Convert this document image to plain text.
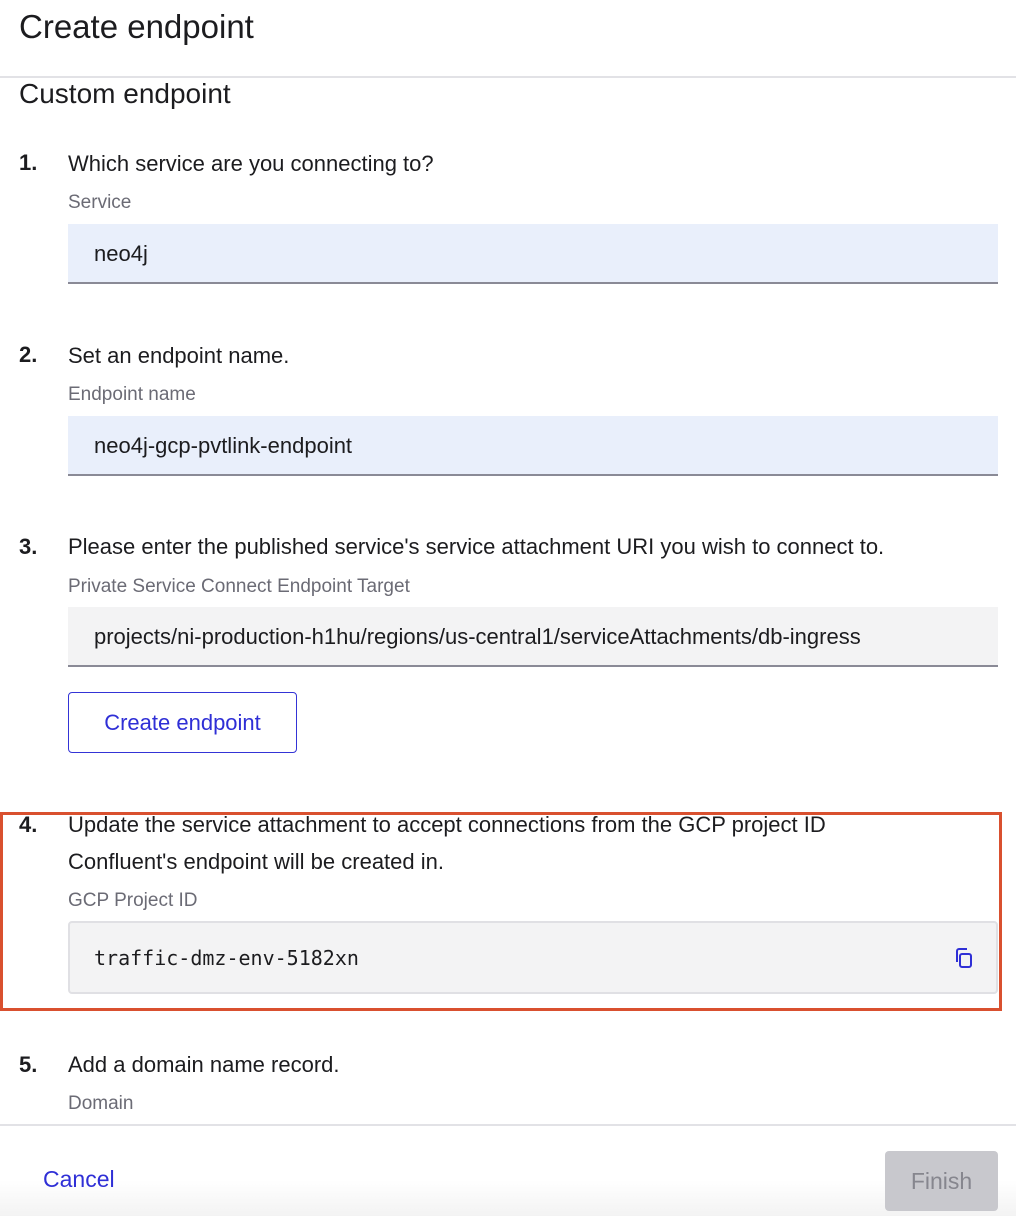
Create endpoint
Custom endpoint
1. Which service are you connecting to?
Service
neo4j
2. Set an endpoint name.
Endpoint name
neo4j-gcp-pvtlink-endpoint
3. Please enter the published service's service attachment URI you wish to connect to.
Private Service Connect Endpoint Target
projects/ni-production-h1hu/regions/us-central1/serviceAttachments/db-ingress
Create endpoint
4. Update the service attachment to accept connections from the GCP project ID
Confluent's endpoint will be created in.
GCP Project ID
traffic-dmz-env-5182xn
5. Add a domain name record.
Domain
Cancel	Finish
